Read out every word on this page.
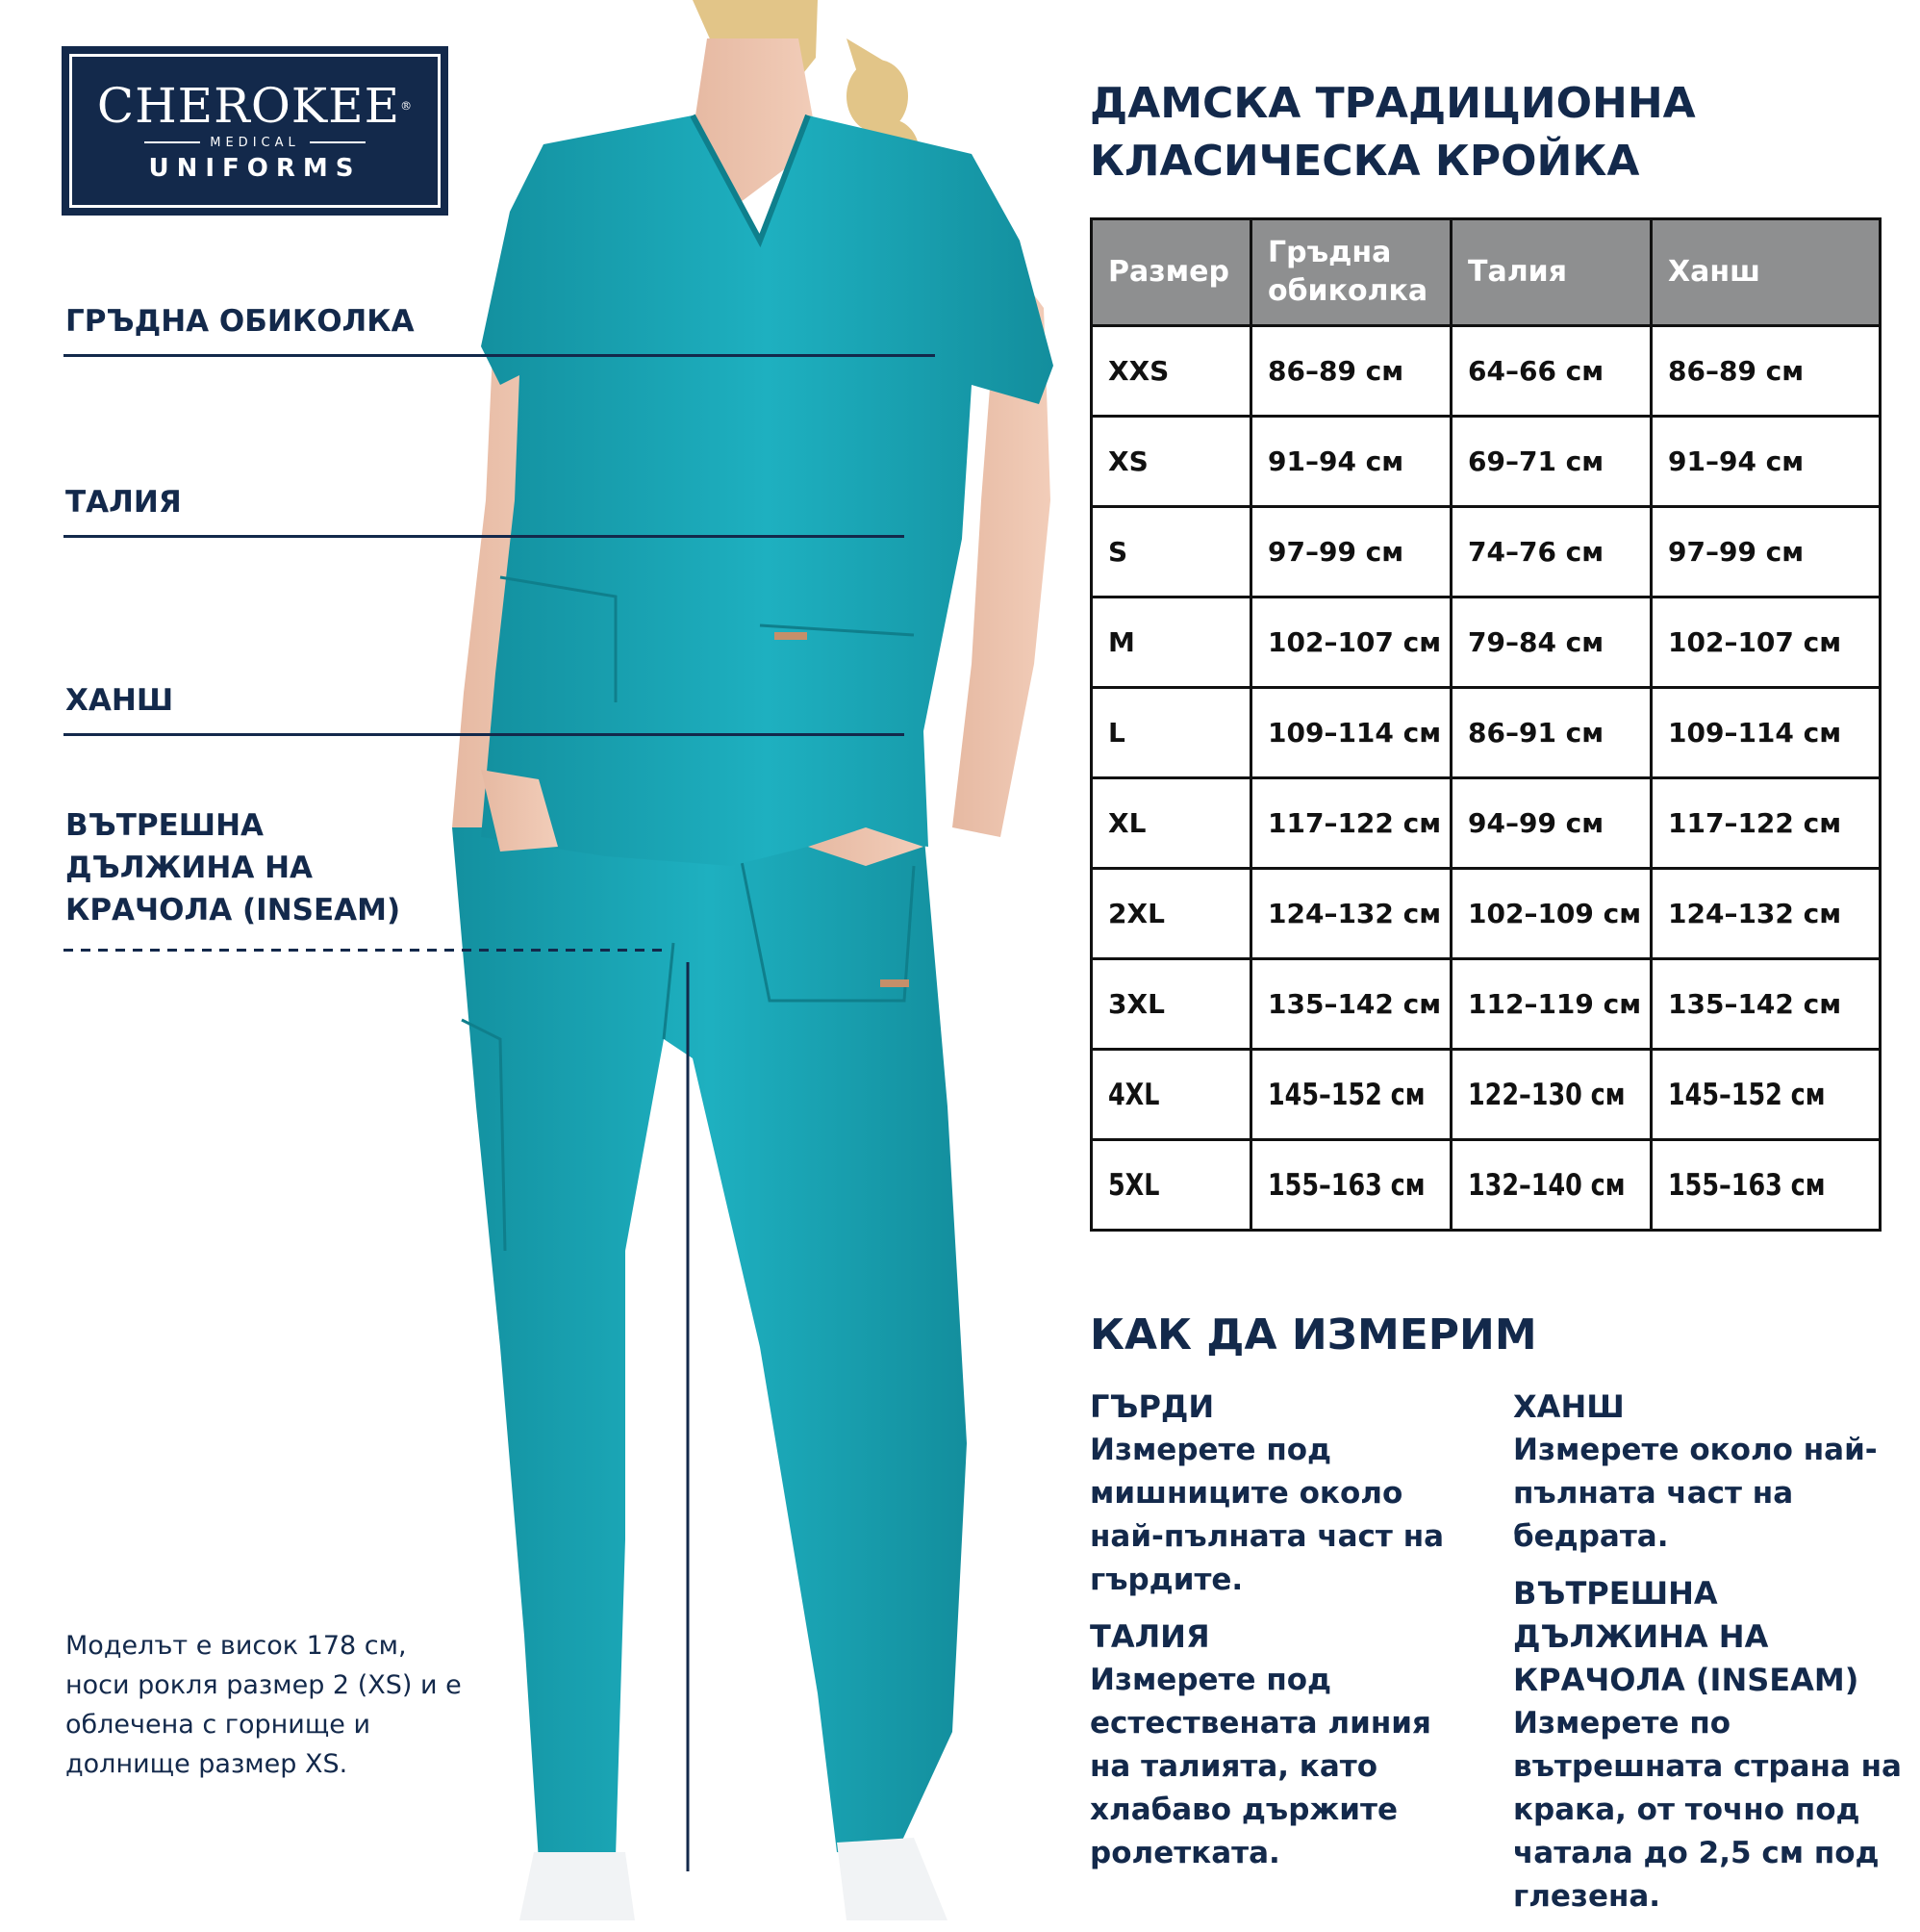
CHEROKEE®
MEDICAL
UNIFORMS
ГРЪДНА ОБИКОЛКА
ТАЛИЯ
ХАНШ
ВЪТРЕШНА
ДЪЛЖИНА НА
КРАЧОЛА (INSEAM)
Моделът е висок 178 см, носи рокля размер 2 (XS) и е облечена с горнище и долнище размер XS.
ДАМСКА ТРАДИЦИОННА
КЛАСИЧЕСКА КРОЙКА
Размер	Гръдна обиколка	Талия	Ханш
XXS	86–89 см	64–66 см	86–89 см
XS	91–94 см	69–71 см	91–94 см
S	97–99 см	74–76 см	97–99 см
M	102–107 см	79–84 см	102–107 см
L	109–114 см	86–91 см	109–114 см
XL	117–122 см	94–99 см	117–122 см
2XL	124–132 см	102–109 см	124–132 см
3XL	135–142 см	112–119 см	135–142 см
4XL	145–152 см	122–130 см	145–152 см
5XL	155–163 см	132–140 см	155–163 см
КАК ДА ИЗМЕРИМ
ГЪРДИ
Измерете под мишниците около най-пълната част на гърдите.
ТАЛИЯ
Измерете под естествената линия на талията, като хлабаво държите ролетката.
ХАНШ
Измерете около най-пълната част на бедрата.
ВЪТРЕШНА ДЪЛЖИНА НА КРАЧОЛА (INSEAM)
Измерете по вътрешната страна на крака, от точно под чатала до 2,5 см под глезена.
